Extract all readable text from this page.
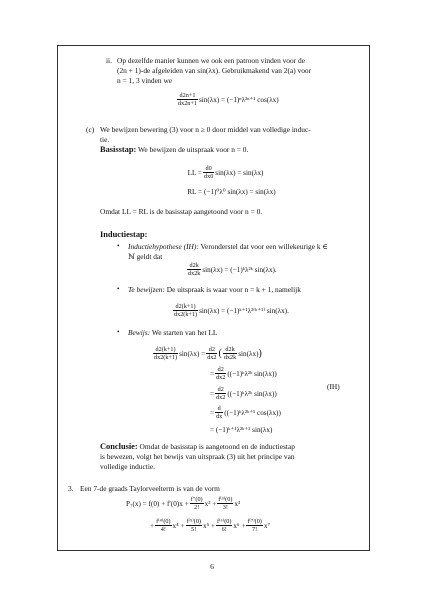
ii. Op dezelfde manier kunnen we ook een patroon vinden voor de
(2n + 1)-de afgeleiden van sin(λx). Gebruikmakend van 2(a) voor
n = 1, 3 vinden we
$\frac{d2n+1}{dx2n+1} \sin(\lambda x) = (-1)^n\lambda^{2n+1}$ cos(λx)
(c) We bewijzen bewering (3) voor n ≥ 0 door middel van volledige induc-
tie.
Basisstap: We bewijzen de uitspraak voor n = 0.
LL = $\frac{d0}{dx0} \sin(\lambda x) = \sin(\lambda x)$
RL = (−1)⁰λ⁰ sin(λx) = sin(λx)
Omdat LL = RL is de basisstap aangetoond voor n = 0.
Inductiestap:
• Inductiehypothese (IH): Veronderstel dat voor een willekeurige k ∈
ℕ geldt dat
$\frac{d2k}{dx2k} \sin(\lambda x)$ = (−1)ᵏλ²ᵏ sin(λx).
• Te bewijzen: De uitspraak is waar voor n = k + 1, namelijk
$\frac{d2(k+1)}{dx2(k+1)} \sin(\lambda x)$ = (−1)ᵏ⁺¹λ²⁽ᵏ⁺¹⁾ sin(λx).
• Bewijs: We starten van het LL
$\frac{d2(k+1)}{dx2(k+1)} \sin(\lambda x) = \frac{d2}{dx2}$ ( $\frac{d2k}{dx2k} \sin(\lambda x)$ )
= $\frac{d2}{dx2}$ ((−1)ᵏλ²ᵏ sin(λx))
= $\frac{d2}{dx2}$ ((−1)ᵏλ²ᵏ sin(λx))
(IH)
= $\frac{d}{dx}$ ((−1)ᵏλ²ᵏ⁺¹ cos(λx))
= (−1)ᵏ⁺¹λ²ᵏ⁺² sin(λx)
Conclusie: Omdat de basisstap is aangetoond en de inductiestap
is bewezen, volgt het bewijs van uitspraak (3) uit het principe van
volledige inductie.
3. Een 7-de graads Taylorveelterm is van de vorm
$P_7(x) = f(0) + f'(0)x + \frac{f''(0)}{2!} x^2 + \frac{\text{f⁽³⁾(0)}}{3!} x^3$
+ $\frac{\text{f⁽⁴⁾(0)}}{4!} x^4 + \frac{\text{f⁽⁵⁾(0)}}{5!} x^5 + \frac{\text{f⁽⁶⁾(0)}}{6!} x^6 + \frac{\text{f⁽⁷⁾(0)}}{7!} x^7$
6
